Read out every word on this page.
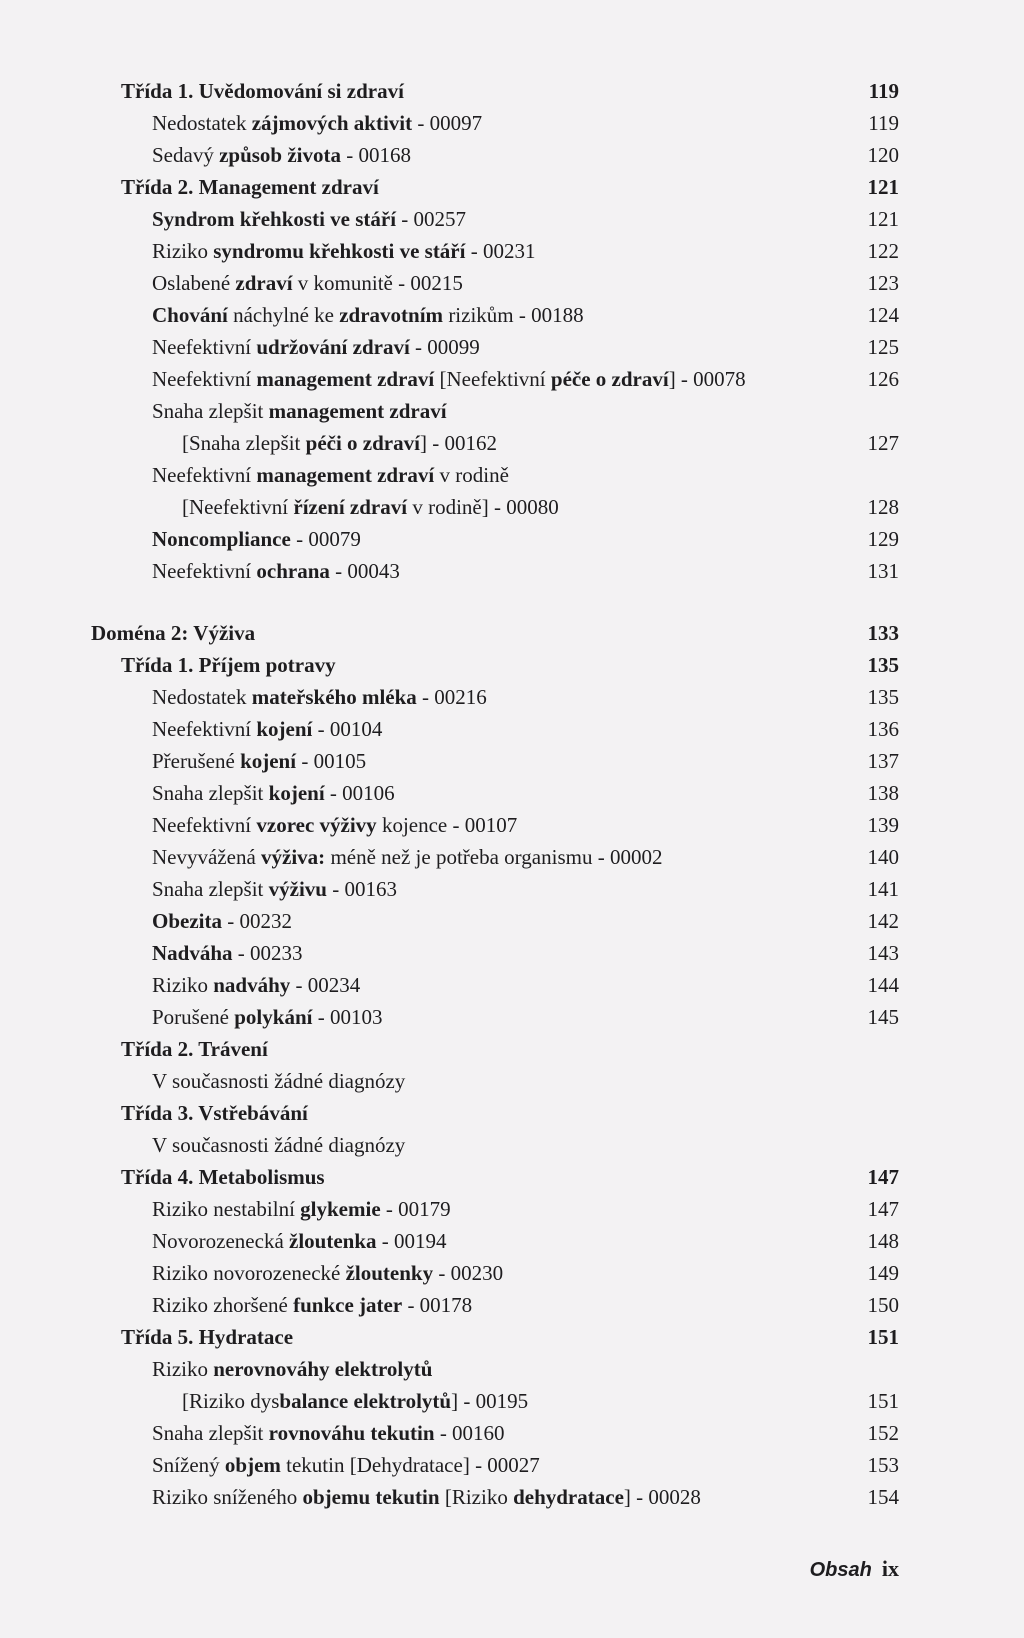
Třída 1. Uvědomování si zdraví	119
Nedostatek zájmových aktivit - 00097	119
Sedavý způsob života - 00168	120
Třída 2. Management zdraví	121
Syndrom křehkosti ve stáří - 00257	121
Riziko syndromu křehkosti ve stáří - 00231	122
Oslabené zdraví v komunitě - 00215	123
Chování náchylné ke zdravotním rizikům - 00188	124
Neefektivní udržování zdraví - 00099	125
Neefektivní management zdraví [Neefektivní péče o zdraví] - 00078	126
Snaha zlepšit management zdraví
[Snaha zlepšit péči o zdraví] - 00162	127
Neefektivní management zdraví v rodině
[Neefektivní řízení zdraví v rodině] - 00080	128
Noncompliance - 00079	129
Neefektivní ochrana - 00043	131
Doména 2: Výživa	133
Třída 1. Příjem potravy	135
Nedostatek mateřského mléka - 00216	135
Neefektivní kojení - 00104	136
Přerušené kojení - 00105	137
Snaha zlepšit kojení - 00106	138
Neefektivní vzorec výživy kojence - 00107	139
Nevyvážená výživa: méně než je potřeba organismu - 00002	140
Snaha zlepšit výživu - 00163	141
Obezita - 00232	142
Nadváha - 00233	143
Riziko nadváhy - 00234	144
Porušené polykání - 00103	145
Třída 2. Trávení
V současnosti žádné diagnózy
Třída 3. Vstřebávání
V současnosti žádné diagnózy
Třída 4. Metabolismus	147
Riziko nestabilní glykemie - 00179	147
Novorozenecká žloutenka - 00194	148
Riziko novorozenecké žloutenky - 00230	149
Riziko zhoršené funkce jater - 00178	150
Třída 5. Hydratace	151
Riziko nerovnováhy elektrolytů
[Riziko dysbalance elektrolytů] - 00195	151
Snaha zlepšit rovnováhu tekutin - 00160	152
Snížený objem tekutin [Dehydratace] - 00027	153
Riziko sníženého objemu tekutin [Riziko dehydratace] - 00028	154
Obsah ix
